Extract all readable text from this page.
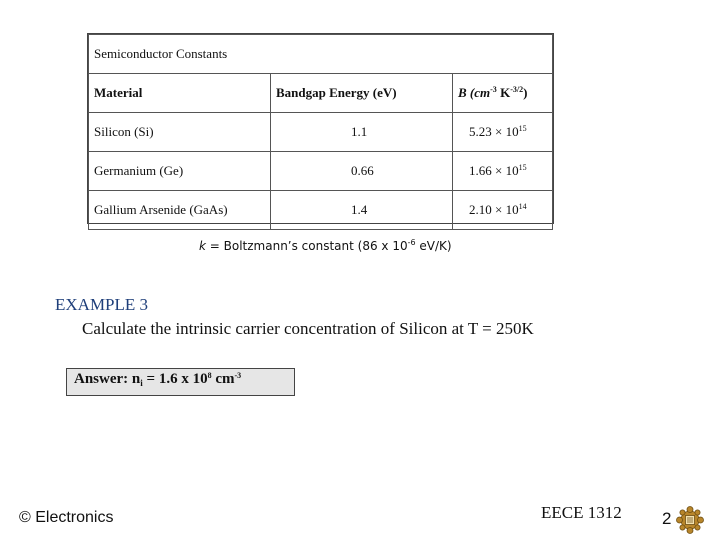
Semiconductor Constants		
Material	Bandgap Energy (eV)	B ($cm^{-3}$ $K^{-3/2}$)
Silicon (Si)	1.1	$5.23 \times 10^{15}$
Germanium (Ge)	0.66	$1.66 \times 10^{15}$
Gallium Arsenide (GaAs)	1.4	$2.10 \times 10^{14}$
k = Boltzmann’s constant (86 x $10^{-6}$ eV/K)
EXAMPLE 3
Calculate the intrinsic carrier concentration of Silicon at T = 250K
Answer: $n_i = 1.6$ x $10^8$ $cm^{-3}$
© Electronics	EECE 1312 2
